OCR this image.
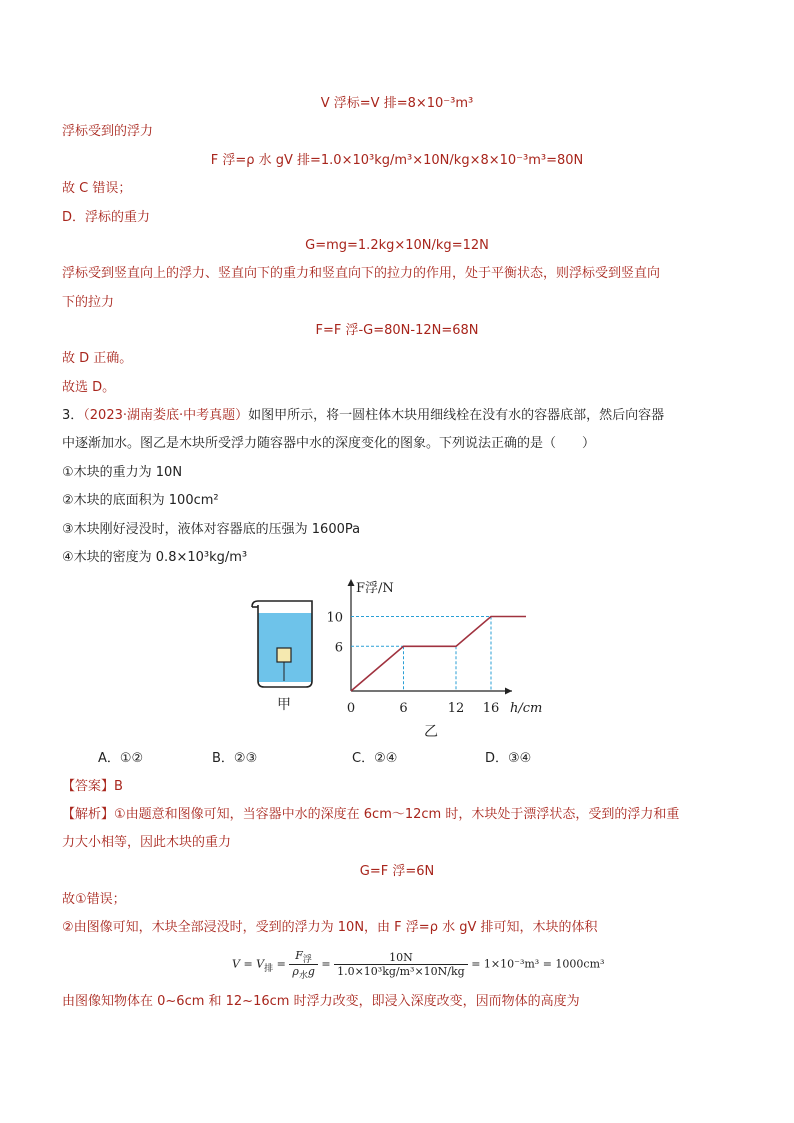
V 浮标=V 排=8×10⁻³m³
浮标受到的浮力
F 浮=ρ 水 gV 排=1.0×10³kg/m³×10N/kg×8×10⁻³m³=80N
故 C 错误；
D．浮标的重力
G=mg=1.2kg×10N/kg=12N
浮标受到竖直向上的浮力、竖直向下的重力和竖直向下的拉力的作用，处于平衡状态，则浮标受到竖直向
下的拉力
F=F 浮-G=80N-12N=68N
故 D 正确。
故选 D。
3．（2023·湖南娄底·中考真题）如图甲所示，将一圆柱体木块用细线栓在没有水的容器底部，然后向容器
中逐渐加水。图乙是木块所受浮力随容器中水的深度变化的图象。下列说法正确的是（　　）
①木块的重力为 10N
②木块的底面积为 100cm²
③木块刚好浸没时，液体对容器底的压强为 1600Pa
④木块的密度为 0.8×10³kg/m³
甲
F浮/N
h/cm
0	6	12 16
6
10
乙
A．①②	B．②③	C．②④	D．③④
【答案】B
【解析】①由题意和图像可知，当容器中水的深度在 6cm～12cm 时，木块处于漂浮状态，受到的浮力和重
力大小相等，因此木块的重力
G=F 浮=6N
故①错误；
②由图像可知，木块全部浸没时，受到的浮力为 10N，由 F 浮=ρ 水 gV 排可知，木块的体积
$V = V_排 = \frac{F_浮}{\rho_水g} = \frac{10N}{\text{1.0×10³kg/m³×10N/kg}} = 1\times 10^{-3}m^3 = 1000cm^3$
由图像知物体在 0~6cm 和 12~16cm 时浮力改变，即浸入深度改变，因而物体的高度为
